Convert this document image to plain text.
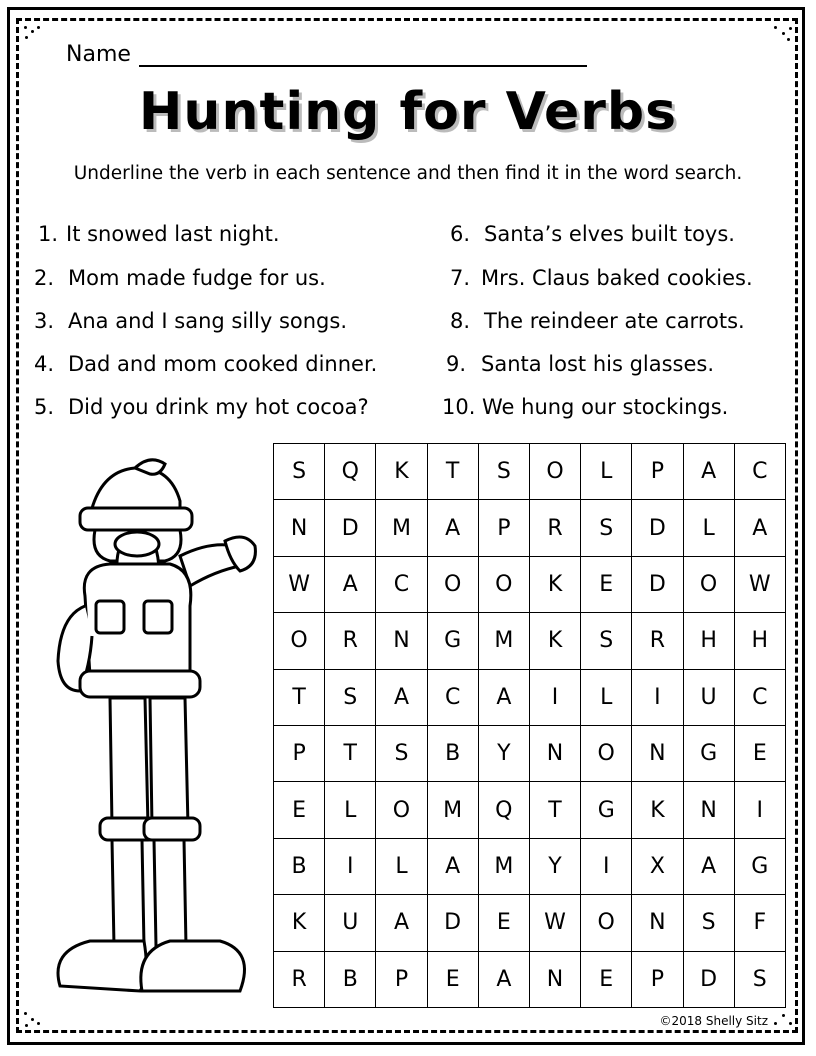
Name
Hunting for Verbs
Underline the verb in each sentence and then find it in the word search.
1. It snowed last night.
2. Mom made fudge for us.
3. Ana and I sang silly songs.
4. Dad and mom cooked dinner.
5. Did you drink my hot cocoa?
6. Santa’s elves built toys.
7. Mrs. Claus baked cookies.
8. The reindeer ate carrots.
9. Santa lost his glasses.
10. We hung our stockings.
S	Q	K	T	S	O	L	P	A	C
N	D	M	A	P	R	S	D	L	A
W	A	C	O	O	K	E	D	O	W
O	R	N	G	M	K	S	R	H	H
T	S	A	C	A	I	L	I	U	C
P	T	S	B	Y	N	O	N	G	E
E	L	O	M	Q	T	G	K	N	I
B	I	L	A	M	Y	I	X	A	G
K	U	A	D	E	W	O	N	S	F
R	B	P	E	A	N	E	P	D	S
©2018 Shelly Sitz
